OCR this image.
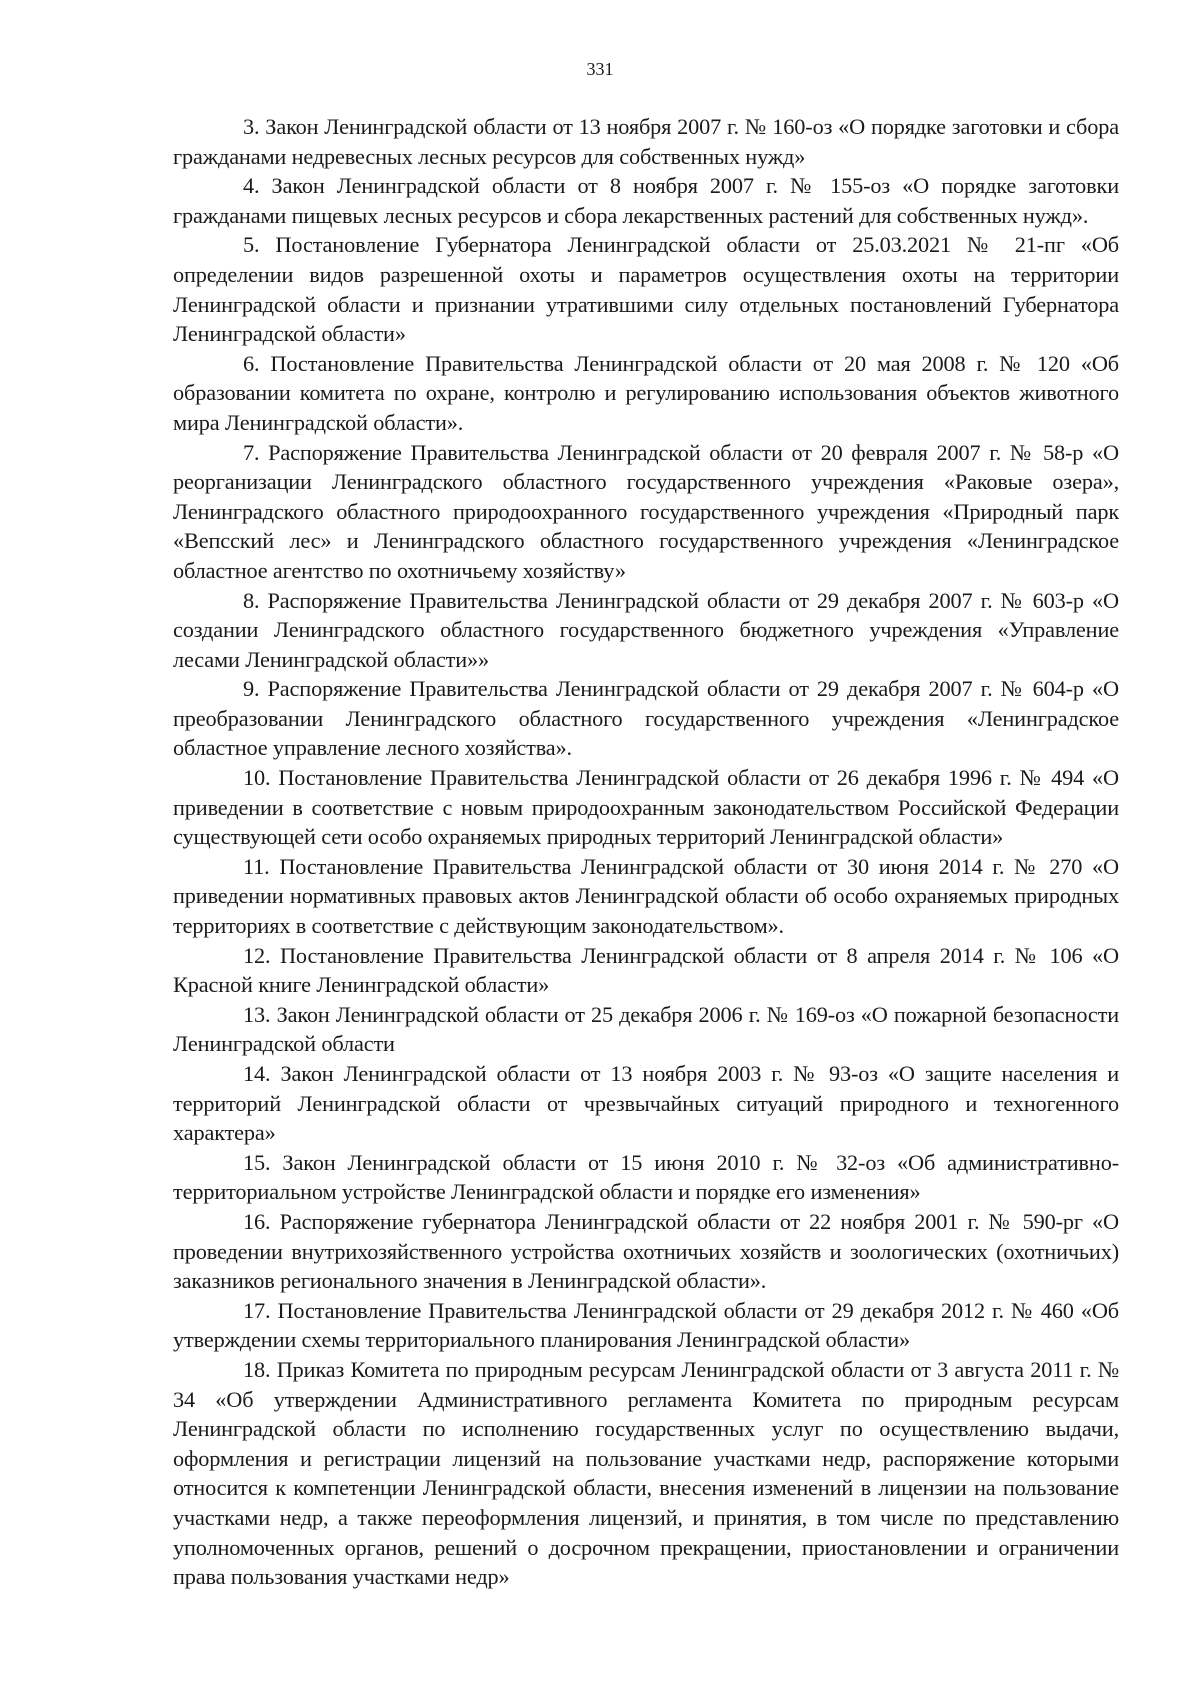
331

3. Закон Ленинградской области от 13 ноября 2007 г. № 160-оз «О порядке заготовки и сбора гражданами недревесных лесных ресурсов для собственных нужд»

4. Закон Ленинградской области от 8 ноября 2007 г. № 155-оз «О порядке заготовки гражданами пищевых лесных ресурсов и сбора лекарственных растений для собственных нужд».

5. Постановление Губернатора Ленинградской области от 25.03.2021 № 21-пг «Об определении видов разрешенной охоты и параметров осуществления охоты на территории Ленинградской области и признании утратившими силу отдельных постановлений Губернатора Ленинградской области»

6. Постановление Правительства Ленинградской области от 20 мая 2008 г. № 120 «Об образовании комитета по охране, контролю и регулированию использования объектов животного мира Ленинградской области».

7. Распоряжение Правительства Ленинградской области от 20 февраля 2007 г. № 58-р «О реорганизации Ленинградского областного государственного учреждения «Раковые озера», Ленинградского областного природоохранного государственного учреждения «Природный парк «Вепсский лес» и Ленинградского областного государственного учреждения «Ленинградское областное агентство по охотничьему хозяйству»

8. Распоряжение Правительства Ленинградской области от 29 декабря 2007 г. № 603-р «О создании Ленинградского областного государственного бюджетного учреждения «Управление лесами Ленинградской области»»

9. Распоряжение Правительства Ленинградской области от 29 декабря 2007 г. № 604-р «О преобразовании Ленинградского областного государственного учреждения «Ленинградское областное управление лесного хозяйства».

10. Постановление Правительства Ленинградской области от 26 декабря 1996 г. № 494 «О приведении в соответствие с новым природоохранным законодательством Российской Федерации существующей сети особо охраняемых природных территорий Ленинградской области»

11. Постановление Правительства Ленинградской области от 30 июня 2014 г. № 270 «О приведении нормативных правовых актов Ленинградской области об особо охраняемых природных территориях в соответствие с действующим законодательством».

12. Постановление Правительства Ленинградской области от 8 апреля 2014 г. № 106 «О Красной книге Ленинградской области»

13. Закон Ленинградской области от 25 декабря 2006 г. № 169-оз «О пожарной безопасности Ленинградской области

14. Закон Ленинградской области от 13 ноября 2003 г. № 93-оз «О защите населения и территорий Ленинградской области от чрезвычайных ситуаций природного и техногенного характера»

15. Закон Ленинградской области от 15 июня 2010 г. № 32-оз «Об административно-территориальном устройстве Ленинградской области и порядке его изменения»

16. Распоряжение губернатора Ленинградской области от 22 ноября 2001 г. № 590-рг «О проведении внутрихозяйственного устройства охотничьих хозяйств и зоологических (охотничьих) заказников регионального значения в Ленинградской области».

17. Постановление Правительства Ленинградской области от 29 декабря 2012 г. № 460 «Об утверждении схемы территориального планирования Ленинградской области»

18. Приказ Комитета по природным ресурсам Ленинградской области от 3 августа 2011 г. № 34 «Об утверждении Административного регламента Комитета по природным ресурсам Ленинградской области по исполнению государственных услуг по осуществлению выдачи, оформления и регистрации лицензий на пользование участками недр, распоряжение которыми относится к компетенции Ленинградской области, внесения изменений в лицензии на пользование участками недр, а также переоформления лицензий, и принятия, в том числе по представлению уполномоченных органов, решений о досрочном прекращении, приостановлении и ограничении права пользования участками недр»
